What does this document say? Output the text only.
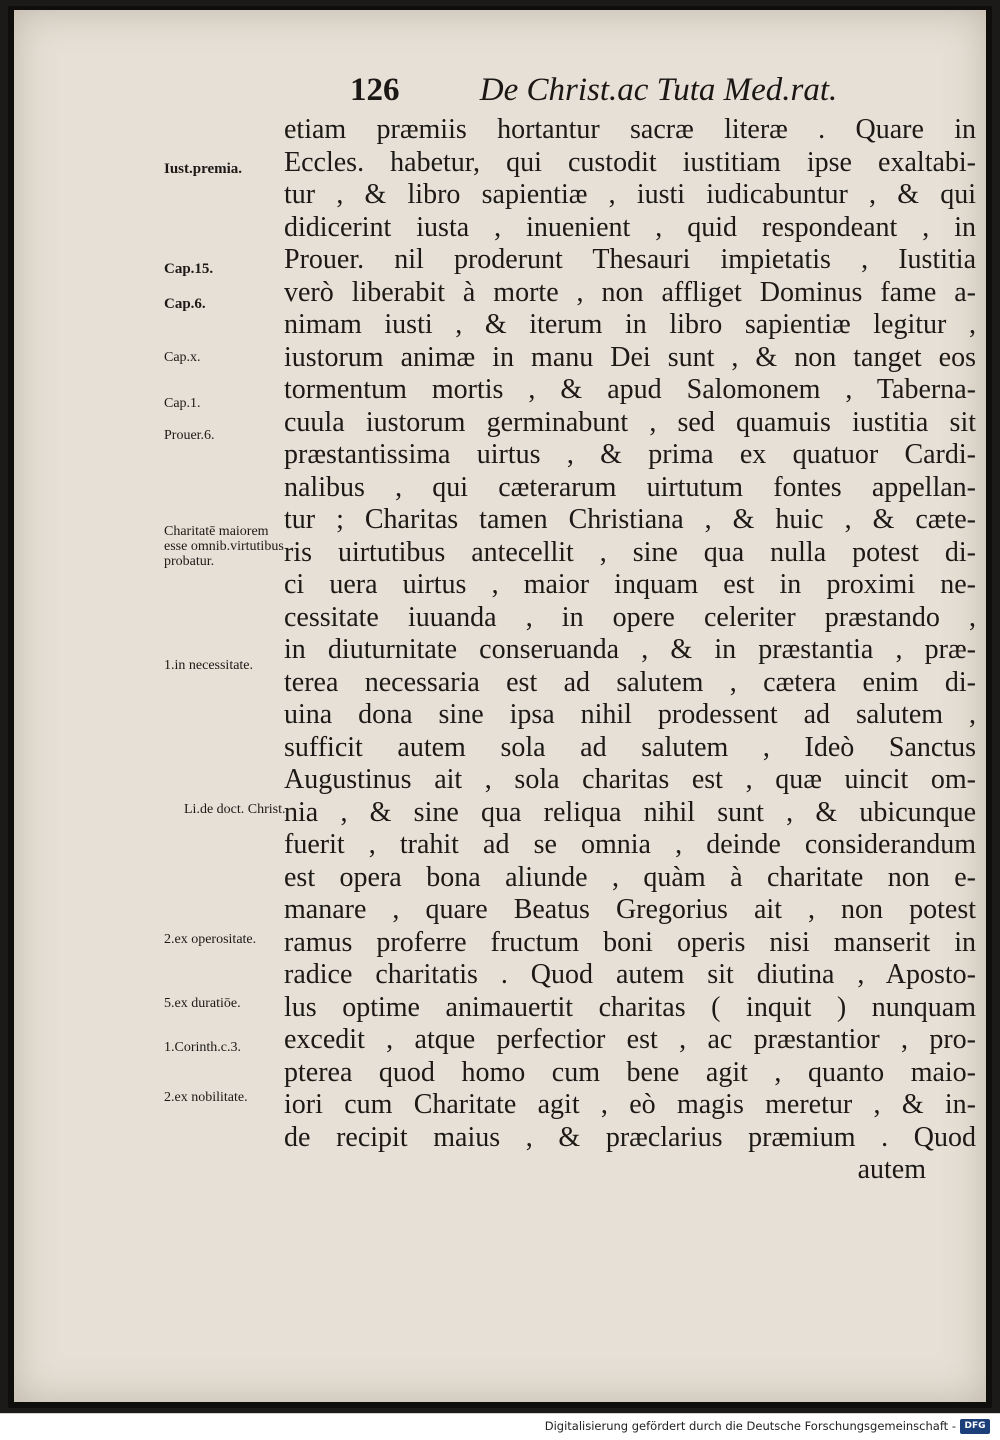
126 De Christ.ac Tuta Med.rat.
etiam præmiis hortantur sacræ literæ . Quare in
Eccles. habetur, qui custodit iustitiam ipse exaltabi-
tur , & libro sapientiæ , iusti iudicabuntur , & qui
didicerint iusta , inuenient , quid respondeant , in
Prouer. nil proderunt Thesauri impietatis , Iustitia
verò liberabit à morte , non affliget Dominus fame a-
nimam iusti , & iterum in libro sapientiæ legitur ,
iustorum animæ in manu Dei sunt , & non tanget eos
tormentum mortis , & apud Salomonem , Taberna-
cuula iustorum germinabunt , sed quamuis iustitia sit
præstantissima uirtus , & prima ex quatuor Cardi-
nalibus , qui cæterarum uirtutum fontes appellan-
tur ; Charitas tamen Christiana , & huic , & cæte-
ris uirtutibus antecellit , sine qua nulla potest di-
ci uera uirtus , maior inquam est in proximi ne-
cessitate iuuanda , in opere celeriter præstando ,
in diuturnitate conseruanda , & in præstantia , præ-
terea necessaria est ad salutem , cætera enim di-
uina dona sine ipsa nihil prodessent ad salutem ,
sufficit autem sola ad salutem , Ideò Sanctus
Augustinus ait , sola charitas est , quæ uincit om-
nia , & sine qua reliqua nihil sunt , & ubicunque
fuerit , trahit ad se omnia , deinde considerandum
est opera bona aliunde , quàm à charitate non e-
manare , quare Beatus Gregorius ait , non potest
ramus proferre fructum boni operis nisi manserit in
radice charitatis . Quod autem sit diutina , Aposto-
lus optime animauertit charitas ( inquit ) nunquam
excedit , atque perfectior est , ac præstantior , pro-
pterea quod homo cum bene agit , quanto maio-
iori cum Charitate agit , eò magis meretur , & in-
de recipit maius , & præclarius præmium . Quod
autem
Iust.premia.
Cap.15.
Cap.6.
Cap.x.
Cap.1.
Prouer.6.
Charitatē maiorem esse omnib.virtutibus probatur.
1.in necessitate.
Li.de doct. Christ.
2.ex operositate.
5.ex duratiōe.
1.Corinth.c.3.
2.ex nobilitate.
Digitalisierung gefördert durch die Deutsche Forschungsgemeinschaft - DFG
